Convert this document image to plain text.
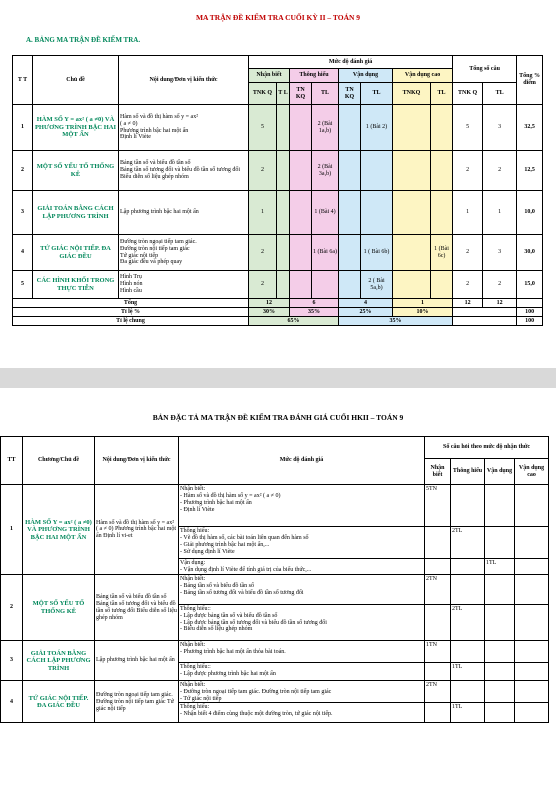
MA TRẬN ĐỀ KIỂM TRA CUỐI KỲ II – TOÁN 9
A. BẢNG MA TRẬN ĐỀ KIỂM TRA.
T T	Chủ đề	Nội dung/Đơn vị kiến thức	Mức độ đánh giá								Tổng số câu		Tổng % điểm
			Nhận biết		Thông hiểu		Vận dụng		Vận dụng cao				
			TNK Q	T L	TN KQ	TL	TN KQ	TL	TNKQ	TL	TNK Q	TL	
1	HÀM SỐ Y = ax² ( a ≠0) VÀ PHƯƠNG TRÌNH BẬC HAI MỘT ẨN	Hàm số và đồ thị hàm số y = ax²
( a ≠ 0)
Phương trình bậc hai một ẩn
Định lí Viète	5			2 (Bài 1a,b)		1 (Bài 2)			5	3	32,5
2	MỘT SỐ YẾU TỐ THỐNG KÊ	Bảng tần số và biểu đồ tần số
Bảng tần số tương đối và biểu đồ tần số tương đối
Biểu diễn số liệu ghép nhóm	2			2 (Bài 3a,b)					2	2	12,5
3	GIẢI TOÁN BẰNG CÁCH LẬP PHƯƠNG TRÌNH	Lập phương trình bậc hai một ẩn	1			1 (Bài 4)					1	1	10,0
4	TỨ GIÁC NỘI TIẾP. ĐA GIÁC ĐỀU	Đường tròn ngoại tiếp tam giác.
Đường tròn nội tiếp tam giác
Tứ giác nội tiếp
Đa giác đều và phép quay	2			1 (Bài 6a)		1 ( Bài 6b)		1 (Bài 6c)	2	3	30,0
5	CÁC HÌNH KHỐI TRONG THỰC TIỄN	Hình Trụ
Hình nón
Hình cầu	2					2 ( Bài 5a,b)			2	2	15,0
Tổng			12		6		4		1		12	12	
Tỉ lệ %			30%		35%		25%		10%				100
Tỉ lệ chung			65%				35%						100
BẢN ĐẶC TẢ MA TRẬN ĐỀ KIỂM TRA ĐÁNH GIÁ CUỐI HKII – TOÁN 9
TT	Chương/Chủ đề	Nội dung/Đơn vị kiến thức	Mức độ đánh giá	Số câu hỏi theo mức độ nhận thức			
				Nhận biết	Thông hiểu	Vận dụng	Vận dụng cao
1	HÀM SỐ Y = ax² ( a ≠0) VÀ PHƯƠNG TRÌNH BẬC HAI MỘT ẨN	Hàm số và đồ thị hàm số y = ax² ( a ≠ 0) Phương trình bậc hai một ẩn Định lí vi-et	Nhận biết:
- Hàm số và đồ thị hàm số y = ax² ( a ≠ 0)
- Phương trình bậc hai một ẩn
- Định lí Viète	5TN			

			Thông hiểu:
- Vẽ đồ thị hàm số, các bài toán liên quan đến hàm số
- Giải phương trình bậc hai một ẩn,...
- Sử dụng định lí Viète		2TL		

			Vận dụng:
- Vận dụng định lí Viète để tính giá trị của biểu thức,...			1TL	
2	MỘT SỐ YẾU TỐ THỐNG KÊ	Bảng tần số và biểu đồ tần số Bảng tần số tương đối và biểu đồ tần số tương đối Biểu diễn số liệu ghép nhóm	Nhận biết:
- Bảng tần số và biểu đồ tần số
- Bảng tần số tương đối và biểu đồ tần số tương đối	2TN			

			Thông hiểu::
- Lập được bảng tần số và biểu đồ tần số
- Lập được bảng tần số tương đối và biểu đồ tần số tương đối
- Biểu diễn số liệu ghép nhóm		2TL		
3	GIẢI TOÁN BẰNG CÁCH LẬP PHƯƠNG TRÌNH	Lập phương trình bậc hai một ẩn	Nhận biết:
- Phương trình bậc hai một ẩn thỏa bài toán.	1TN			

			Thông hiểu::
- Lập được phương trình bậc hai một ẩn		1TL		
4	TỨ GIÁC NỘI TIẾP. ĐA GIÁC ĐỀU	Đường tròn ngoại tiếp tam giác. Đường tròn nội tiếp tam giác Tứ giác nội tiếp	Nhận biết:
- Đường tròn ngoại tiếp tam giác. Đường tròn nội tiếp tam giác
- Tứ giác nội tiếp	2TN			

			Thông hiểu:
- Nhận biết 4 điểm cùng thuộc một đường tròn, tứ giác nội tiếp.		1TL		
